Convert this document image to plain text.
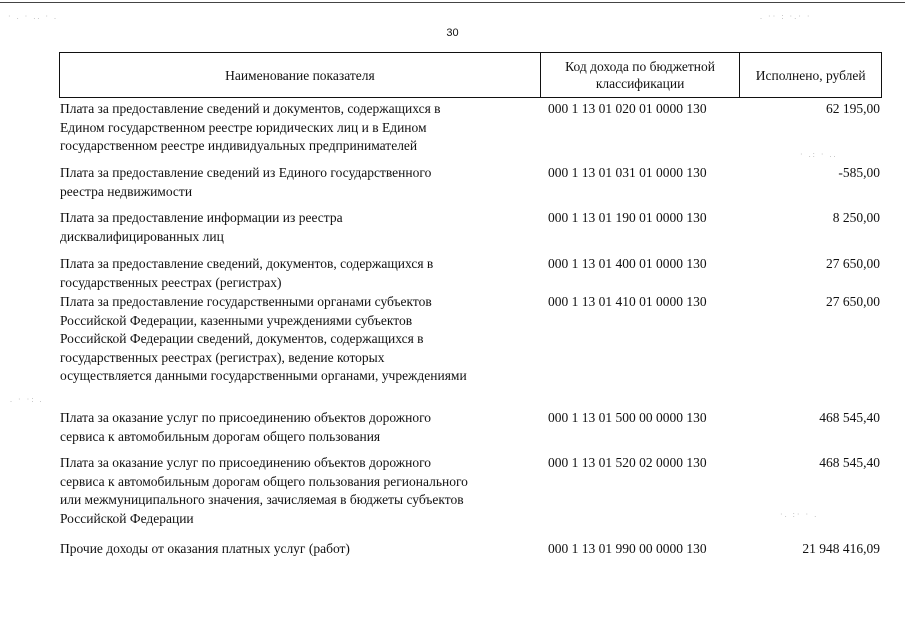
30
Наименование показателя
Код дохода по бюджетной классификации
Исполнено, рублей
Плата за предоставление сведений и документов, содержащихся в
Едином государственном реестре юридических лиц и в Едином
государственном реестре индивидуальных предпринимателей
000 1 13 01 020 01 0000 130	62 195,00
Плата за предоставление сведений из Единого государственного
реестра недвижимости
000 1 13 01 031 01 0000 130	-585,00
Плата за предоставление информации из реестра
дисквалифицированных лиц
000 1 13 01 190 01 0000 130	8 250,00
Плата за предоставление сведений, документов, содержащихся в
государственных реестрах (регистрах)
000 1 13 01 400 01 0000 130	27 650,00
Плата за предоставление государственными органами субъектов
Российской Федерации, казенными учреждениями субъектов
Российской Федерации сведений, документов, содержащихся в
государственных реестрах (регистрах), ведение которых
осуществляется данными государственными органами, учреждениями
000 1 13 01 410 01 0000 130	27 650,00
Плата за оказание услуг по присоединению объектов дорожного
сервиса к автомобильным дорогам общего пользования
000 1 13 01 500 00 0000 130	468 545,40
Плата за оказание услуг по присоединению объектов дорожного
сервиса к автомобильным дорогам общего пользования регионального
или межмуниципального значения, зачисляемая в бюджеты субъектов
Российской Федерации
000 1 13 01 520 02 0000 130	468 545,40
Прочие доходы от оказания платных услуг (работ)	000 1 13 01 990 00 0000 130	21 948 416,09
· . · .. · .	. ·· : ·.· ·
· .: · ..
. · ·: .
·. :· · .
